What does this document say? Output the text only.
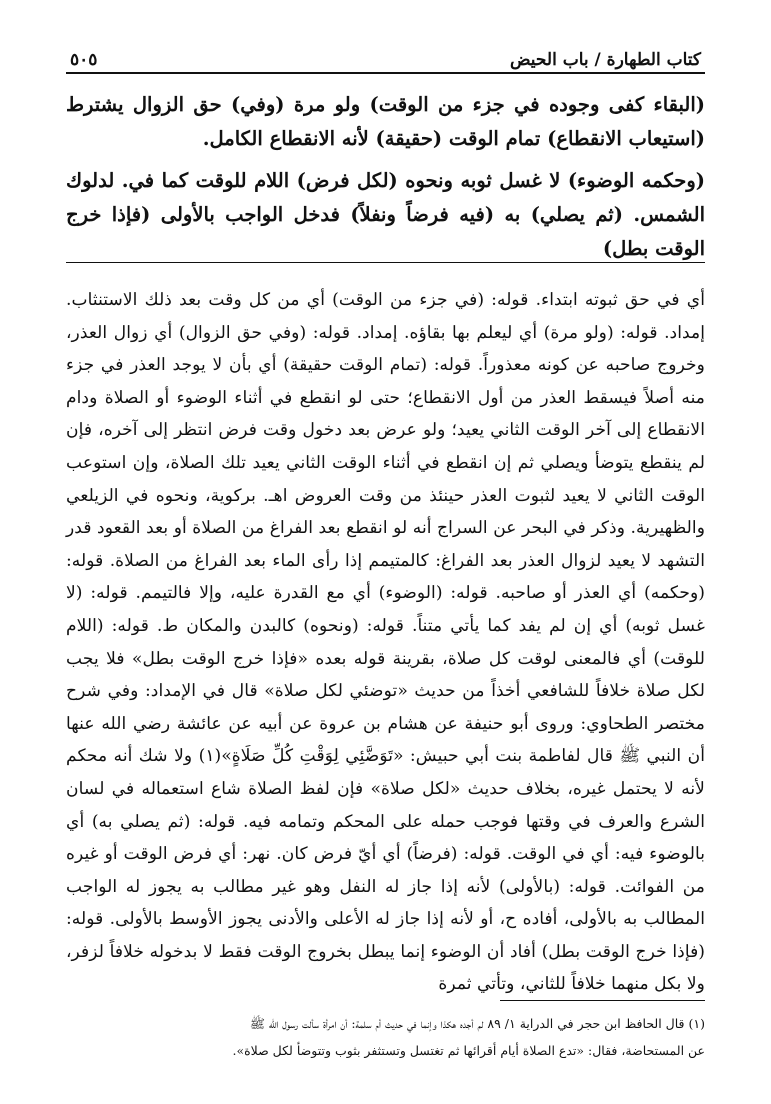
كتاب الطهارة / باب الحيض
٥٠٥

(البقاء كفى وجوده في جزء من الوقت) ولو مرة (وفي) حق الزوال يشترط (استيعاب الانقطاع) تمام الوقت (حقيقة) لأنه الانقطاع الكامل.

(وحكمه الوضوء) لا غسل ثوبه ونحوه (لكل فرض) اللام للوقت كما في. لدلوك الشمس. (ثم يصلي) به (فيه فرضاً ونفلاً) فدخل الواجب بالأولى (فإذا خرج الوقت بطل)

أي في حق ثبوته ابتداء. قوله: (في جزء من الوقت) أي من كل وقت بعد ذلك الاستنثاب. إمداد. قوله: (ولو مرة) أي ليعلم بها بقاؤه. إمداد. قوله: (وفي حق الزوال) أي زوال العذر، وخروج صاحبه عن كونه معذوراً. قوله: (تمام الوقت حقيقة) أي بأن لا يوجد العذر في جزء منه أصلاً فيسقط العذر من أول الانقطاع؛ حتى لو انقطع في أثناء الوضوء أو الصلاة ودام الانقطاع إلى آخر الوقت الثاني يعيد؛ ولو عرض بعد دخول وقت فرض انتظر إلى آخره، فإن لم ينقطع يتوضأ ويصلي ثم إن انقطع في أثناء الوقت الثاني يعيد تلك الصلاة، وإن استوعب الوقت الثاني لا يعيد لثبوت العذر حينئذ من وقت العروض اهـ. بركوية، ونحوه في الزيلعي والظهيرية. وذكر في البحر عن السراج أنه لو انقطع بعد الفراغ من الصلاة أو بعد القعود قدر التشهد لا يعيد لزوال العذر بعد الفراغ: كالمتيمم إذا رأى الماء بعد الفراغ من الصلاة. قوله: (وحكمه) أي العذر أو صاحبه. قوله: (الوضوء) أي مع القدرة عليه، وإلا فالتيمم. قوله: (لا غسل ثوبه) أي إن لم يفد كما يأتي متناً. قوله: (ونحوه) كالبدن والمكان ط. قوله: (اللام للوقت) أي فالمعنى لوقت كل صلاة، بقرينة قوله بعده «فإذا خرج الوقت بطل» فلا يجب لكل صلاة خلافاً للشافعي أخذاً من حديث «توضئي لكل صلاة» قال في الإمداد: وفي شرح مختصر الطحاوي: وروى أبو حنيفة عن هشام بن عروة عن أبيه عن عائشة رضي الله عنها أن النبي ﷺ قال لفاطمة بنت أبي حبيش: «تَوَضَّئِي لِوَقْتِ كُلِّ صَلَاةٍ»(١) ولا شك أنه محكم لأنه لا يحتمل غيره، بخلاف حديث «لكل صلاة» فإن لفظ الصلاة شاع استعماله في لسان الشرع والعرف في وقتها فوجب حمله على المحكم وتمامه فيه. قوله: (ثم يصلي به) أي بالوضوء فيه: أي في الوقت. قوله: (فرضاً) أي أيّ فرض كان. نهر: أي فرض الوقت أو غيره من الفوائت. قوله: (بالأولى) لأنه إذا جاز له النفل وهو غير مطالب به يجوز له الواجب المطالب به بالأولى، أفاده ح، أو لأنه إذا جاز له الأعلى والأدنى يجوز الأوسط بالأولى. قوله: (فإذا خرج الوقت بطل) أفاد أن الوضوء إنما يبطل بخروج الوقت فقط لا بدخوله خلافاً لزفر، ولا بكل منهما خلافاً للثاني، وتأتي ثمرة

(١) قال الحافظ ابن حجر في الدراية ١/ ٨٩ لم أجده هكذا وإنما في حديث أم سلمة: أن امرأة سألت رسول الله ﷺ

عن المستحاضة، فقال: «تدع الصلاة أيام أقرائها ثم تغتسل وتستثفر بثوب وتتوضأ لكل صلاة».
